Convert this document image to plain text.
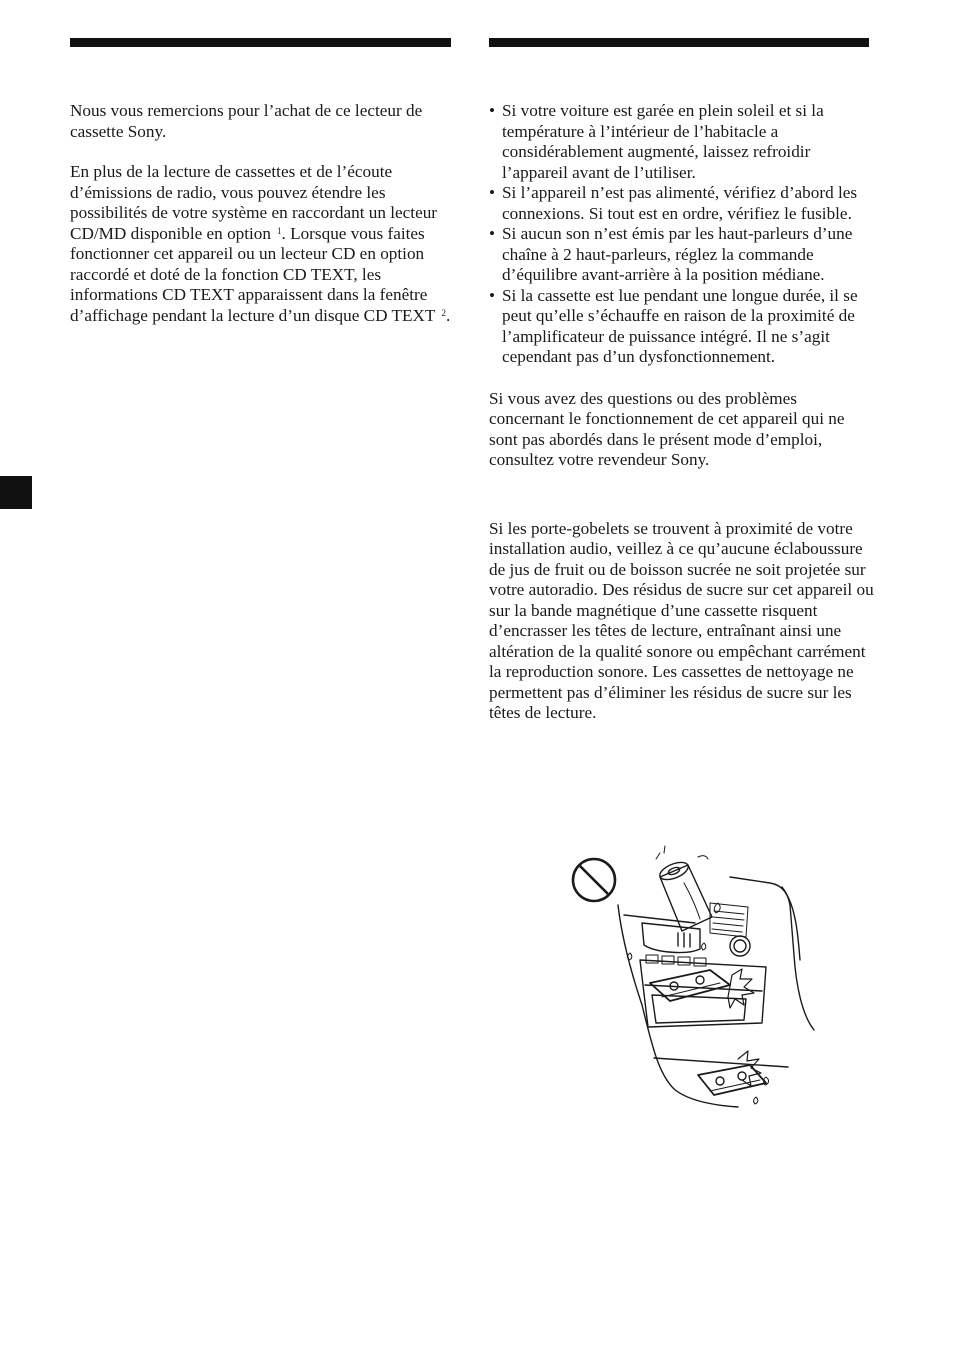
Nous vous remercions pour l’achat de ce lecteur de cassette Sony.

En plus de la lecture de cassettes et de l’écoute d’émissions de radio, vous pouvez étendre les possibilités de votre système en raccordant un lecteur CD/MD disponible en option $^1$. Lorsque vous faites fonctionner cet appareil ou un lecteur CD en option raccordé et doté de la fonction CD TEXT, les informations CD TEXT apparaissent dans la fenêtre d’affichage pendant la lecture d’un disque CD TEXT $^2$.

• Si votre voiture est garée en plein soleil et si la température à l’intérieur de l’habitacle a considérablement augmenté, laissez refroidir l’appareil avant de l’utiliser.
• Si l’appareil n’est pas alimenté, vérifiez d’abord les connexions. Si tout est en ordre, vérifiez le fusible.
• Si aucun son n’est émis par les haut-parleurs d’une chaîne à 2 haut-parleurs, réglez la commande d’équilibre avant-arrière à la position médiane.
• Si la cassette est lue pendant une longue durée, il se peut qu’elle s’échauffe en raison de la proximité de l’amplificateur de puissance intégré. Il ne s’agit cependant pas d’un dysfonctionnement.

Si vous avez des questions ou des problèmes concernant le fonctionnement de cet appareil qui ne sont pas abordés dans le présent mode d’emploi, consultez votre revendeur Sony.

Si les porte-gobelets se trouvent à proximité de votre installation audio, veillez à ce qu’aucune éclaboussure de jus de fruit ou de boisson sucrée ne soit projetée sur votre autoradio. Des résidus de sucre sur cet appareil ou sur la bande magnétique d’une cassette risquent d’encrasser les têtes de lecture, entraînant ainsi une altération de la qualité sonore ou empêchant carrément la reproduction sonore. Les cassettes de nettoyage ne permettent pas d’éliminer les résidus de sucre sur les têtes de lecture.
